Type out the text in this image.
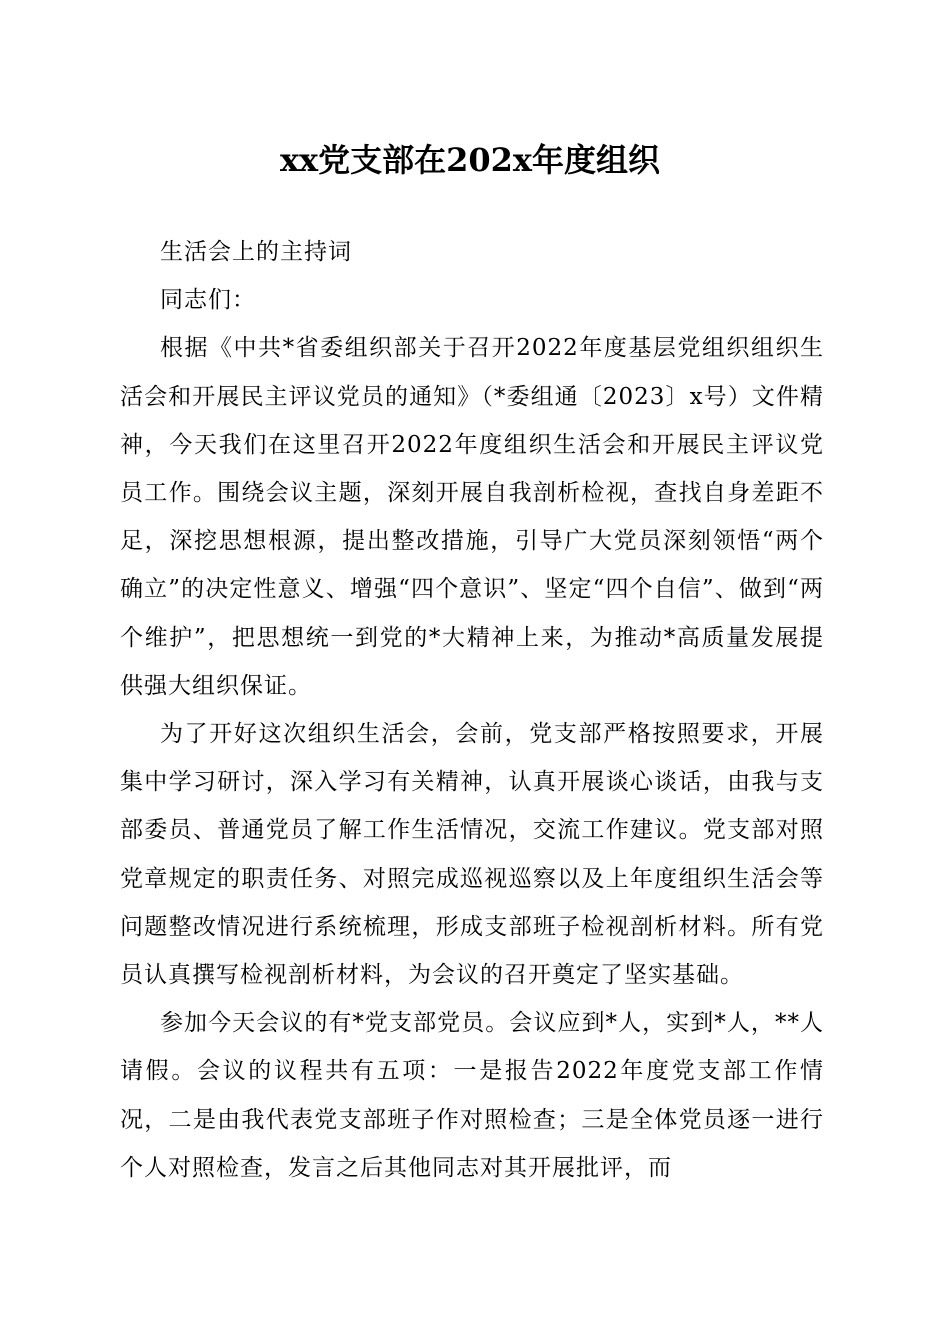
xx党支部在202x年度组织

生活会上的主持词

同志们：

根据《中共*省委组织部关于召开2022年度基层党组织组织生活会和开展民主评议党员的通知》（*委组通〔2023〕x号）文件精神，今天我们在这里召开2022年度组织生活会和开展民主评议党员工作。围绕会议主题，深刻开展自我剖析检视，查找自身差距不足，深挖思想根源，提出整改措施，引导广大党员深刻领悟“两个确立”的决定性意义、增强“四个意识”、坚定“四个自信”、做到“两个维护”，把思想统一到党的*大精神上来，为推动*高质量发展提供强大组织保证。

为了开好这次组织生活会，会前，党支部严格按照要求，开展集中学习研讨，深入学习有关精神，认真开展谈心谈话，由我与支部委员、普通党员了解工作生活情况，交流工作建议。党支部对照党章规定的职责任务、对照完成巡视巡察以及上年度组织生活会等问题整改情况进行系统梳理，形成支部班子检视剖析材料。所有党员认真撰写检视剖析材料，为会议的召开奠定了坚实基础。

参加今天会议的有*党支部党员。会议应到*人，实到*人，**人请假。会议的议程共有五项：一是报告2022年度党支部工作情况，二是由我代表党支部班子作对照检查；三是全体党员逐一进行个人对照检查，发言之后其他同志对其开展批评，而
